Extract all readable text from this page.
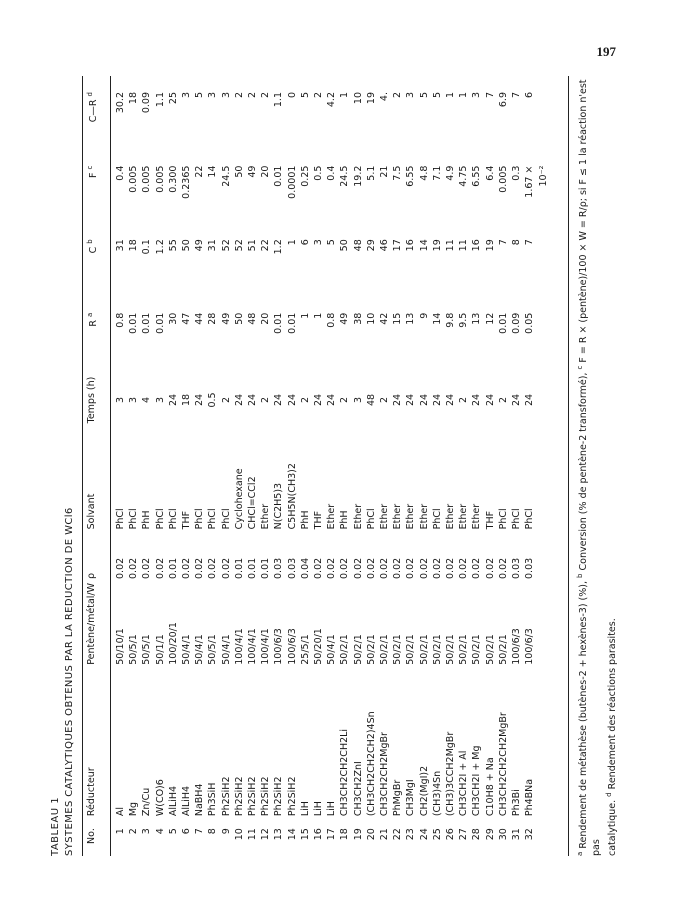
197
TABLEAU 1 SYSTEMES CATALYTIQUES OBTENUS PAR LA REDUCTION DE WCl6 No.	Réducteur	Pentène/métal/W	ρ	Solvant	Temps (h)	R $^a$	C $^b$	F $^c$	C—R $^d$
1	Al	50/10/1	0.02	PhCl	3	0.8	31	0.4	30.2
2	Mg	50/5/1	0.02	PhCl	3	0.01	18	0.005	18
3	Zn/Cu	50/5/1	0.02	PhH	4	0.01	0.1	0.005	0.09
4	W(CO)6	50/1/1	0.02	PhCl	3	0.01	1.2	0.005	1.1
5	AlLiH4	100/20/1	0.01	PhCl	24	30	55	0.300	25
6	AlLiH4	50/4/1	0.02	THF	18	47	50	0.2365	3
7	NaBH4	50/4/1	0.02	PhCl	24	44	49	22	5
8	Ph3SiH	50/5/1	0.02	PhCl	0.5	28	31	14	3
9	Ph2SiH2	50/4/1	0.02	PhCl	2	49	52	24.5	3
10	Ph2SiH2	100/4/1	0.01	Cyclohexane	24	50	52	50	2
11	Ph2SiH2	100/4/1	0.01	CHCl=CCl2	24	48	51	49	2
12	Ph2SiH2	100/4/1	0.01	Ether	2	20	22	20	2
13	Ph2SiH2	100/6/3	0.03	N(C2H5)3	24	0.01	1.2	0.01	1.1
14	Ph2SiH2	100/6/3	0.03	C5H5N(CH3)2	24	0.01	1	0.0001	0
15	LiH	25/5/1	0.04	PhH	2	1	6	0.25	5
16	LiH	50/20/1	0.02	THF	24	1	3	0.5	2
17	LiH	50/4/1	0.02	Ether	24	0.8	5	0.4	4.2
18	CH3CH2CH2CH2Li	50/2/1	0.02	PhH	2	49	50	24.5	1
19	CH3CH2ZnI	50/2/1	0.02	Ether	3	38	48	19.2	10
20	(CH3CH2CH2CH2)4Sn	50/2/1	0.02	PhCl	48	10	29	5.1	19
21	CH3CH2CH2MgBr	50/2/1	0.02	Ether	2	42	46	21	4.
22	PhMgBr	50/2/1	0.02	Ether	24	15	17	7.5	2
23	CH3MgI	50/2/1	0.02	Ether	24	13	16	6.55	3
24	CH2(MgI)2	50/2/1	0.02	Ether	24	9	14	4.8	5
25	(CH3)4Sn	50/2/1	0.02	PhCl	24	14	19	7.1	5
26	(CH3)3CCH2MgBr	50/2/1	0.02	Ether	24	9.8	11	4.9	1
27	CH3CH2I + Al	50/2/1	0.02	Ether	2	9.5	11	4.75	1
28	CH3CH2I + Mg	50/2/1	0.02	Ether	24	13	16	6.55	3
29	C10H8 + Na	50/2/1	0.02	THF	24	12	19	6.4	7
30	CH3CH2CH2CH2MgBr	50/2/1	0.02	PhCl	2	0.01	7	0.005	6.9
31	Ph3Bi	100/6/3	0.03	PhCl	24	0.09	8	0.3	7
32	Ph4BNa	100/6/3	0.03	PhCl	24	0.05	7	1.67 ×	6
								10⁻²	
$^a$ Rendement de métathèse (butènes-2 + hexènes-3) (%), $^b$ Conversion (% de pentène-2 transformé), $^c$ F = R × (pentène)/100 × W = R/ρ; si F ≤ 1 la réaction n'est pas catalytique. $^d$ Rendement des réactions parasites.
